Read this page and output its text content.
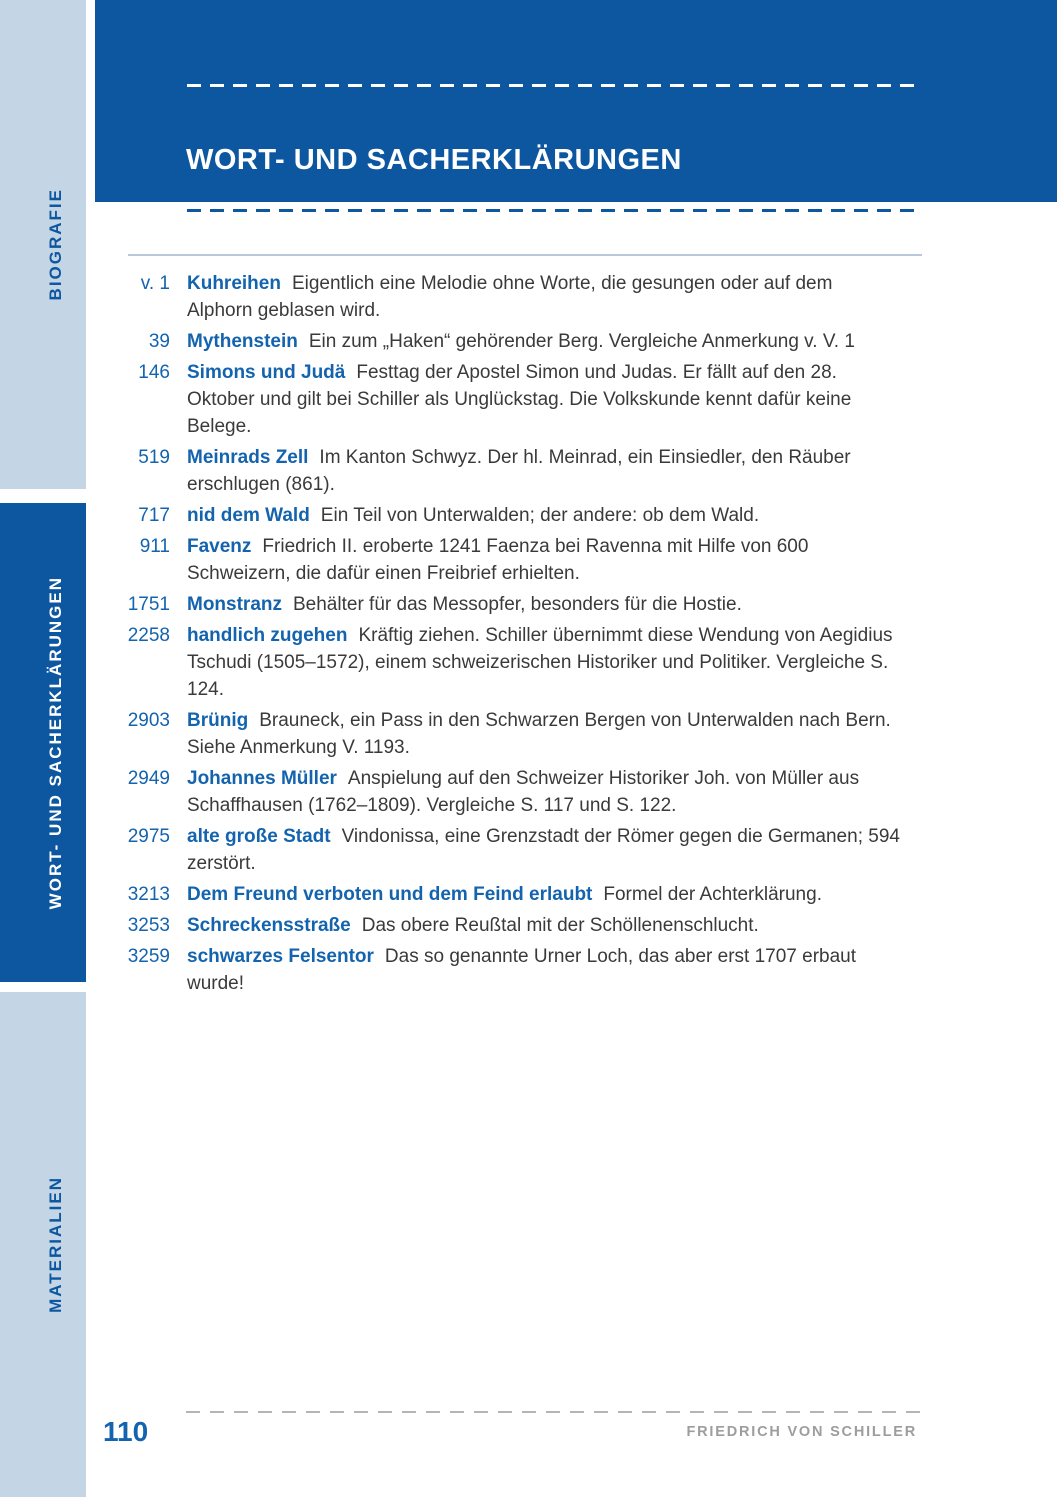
BIOGRAFIE
WORT- UND SACHERKLÄRUNGEN
MATERIALIEN
WORT- UND SACHERKLÄRUNGEN
v. 1 Kuhreihen Eigentlich eine Melodie ohne Worte, die gesungen oder auf dem Alphorn geblasen wird.

39 Mythenstein Ein zum „Haken“ gehörender Berg. Vergleiche Anmerkung v. V. 1

146 Simons und Judä Festtag der Apostel Simon und Judas. Er fällt auf den 28. Oktober und gilt bei Schiller als Unglückstag. Die Volkskunde kennt dafür keine Belege.

519 Meinrads Zell Im Kanton Schwyz. Der hl. Meinrad, ein Einsiedler, den Räuber erschlugen (861).

717 nid dem Wald Ein Teil von Unterwalden; der andere: ob dem Wald.

911 Favenz Friedrich II. eroberte 1241 Faenza bei Ravenna mit Hilfe von 600 Schweizern, die dafür einen Freibrief erhielten.

1751 Monstranz Behälter für das Messopfer, besonders für die Hostie.

2258 handlich zugehen Kräftig ziehen. Schiller übernimmt diese Wendung von Aegidius Tschudi (1505–1572), einem schweizerischen Historiker und Politiker. Vergleiche S. 124.

2903 Brünig Brauneck, ein Pass in den Schwarzen Bergen von Unterwalden nach Bern. Siehe Anmerkung V. 1193.

2949 Johannes Müller Anspielung auf den Schweizer Historiker Joh. von Müller aus Schaffhausen (1762–1809). Vergleiche S. 117 und S. 122.

2975 alte große Stadt Vindonissa, eine Grenzstadt der Römer gegen die Germanen; 594 zerstört.

3213 Dem Freund verboten und dem Feind erlaubt Formel der Achterklärung.

3253 Schreckensstraße Das obere Reußtal mit der Schöllenenschlucht.

3259 schwarzes Felsentor Das so genannte Urner Loch, das aber erst 1707 erbaut wurde!

110	FRIEDRICH VON SCHILLER
